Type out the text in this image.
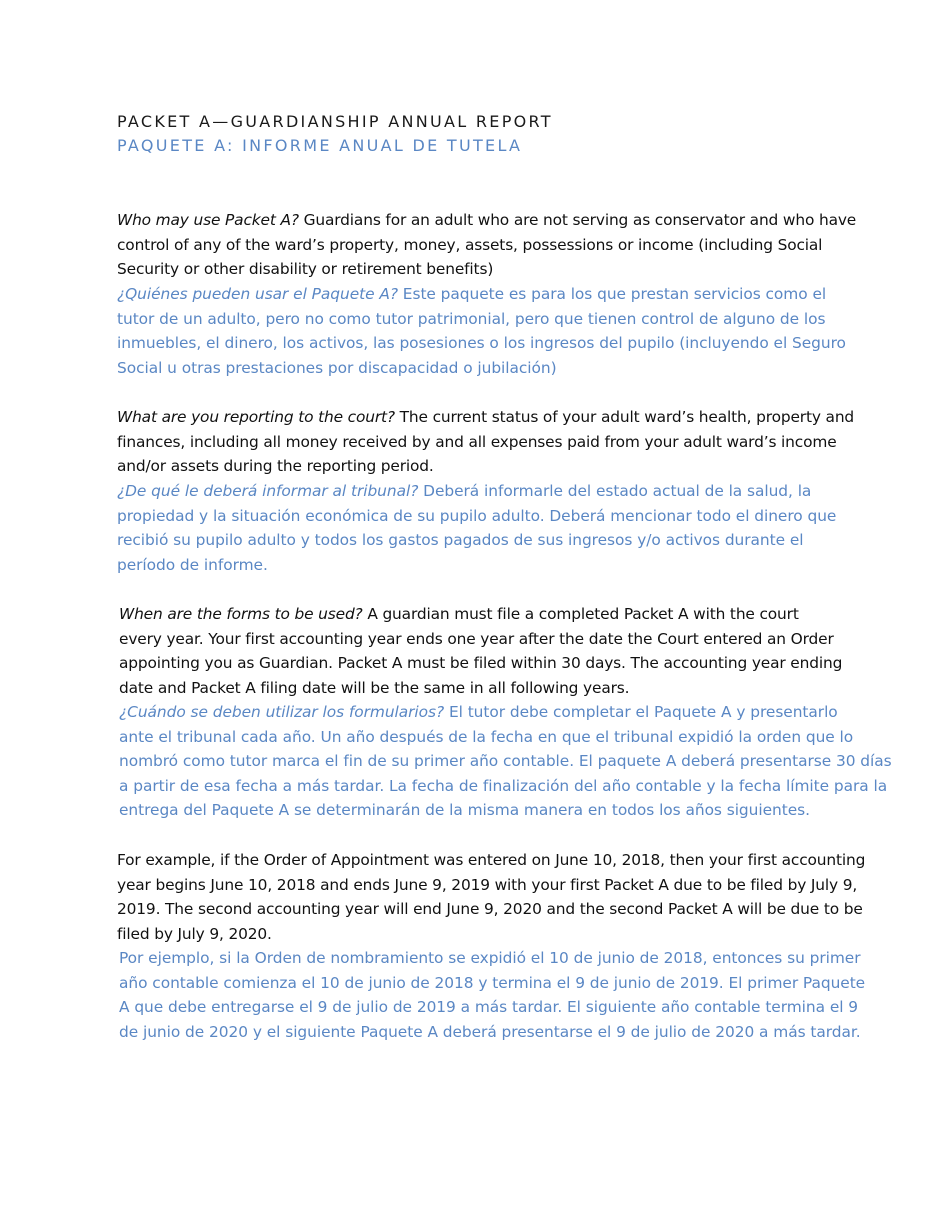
PACKET A—GUARDIANSHIP ANNUAL REPORT
PAQUETE A: INFORME ANUAL DE TUTELA
Who may use Packet A? Guardians for an adult who are not serving as conservator and who have
control of any of the ward’s property, money, assets, possessions or income (including Social
Security or other disability or retirement benefits)
¿Quiénes pueden usar el Paquete A? Este paquete es para los que prestan servicios como el
tutor de un adulto, pero no como tutor patrimonial, pero que tienen control de alguno de los
inmuebles, el dinero, los activos, las posesiones o los ingresos del pupilo (incluyendo el Seguro
Social u otras prestaciones por discapacidad o jubilación)
What are you reporting to the court? The current status of your adult ward’s health, property and
finances, including all money received by and all expenses paid from your adult ward’s income
and/or assets during the reporting period.
¿De qué le deberá informar al tribunal? Deberá informarle del estado actual de la salud, la
propiedad y la situación económica de su pupilo adulto. Deberá mencionar todo el dinero que
recibió su pupilo adulto y todos los gastos pagados de sus ingresos y/o activos durante el
período de informe.
When are the forms to be used? A guardian must file a completed Packet A with the court
every year. Your first accounting year ends one year after the date the Court entered an Order
appointing you as Guardian. Packet A must be filed within 30 days. The accounting year ending
date and Packet A filing date will be the same in all following years.
¿Cuándo se deben utilizar los formularios? El tutor debe completar el Paquete A y presentarlo
ante el tribunal cada año. Un año después de la fecha en que el tribunal expidió la orden que lo
nombró como tutor marca el fin de su primer año contable. El paquete A deberá presentarse 30 días
a partir de esa fecha a más tardar. La fecha de finalización del año contable y la fecha límite para la
entrega del Paquete A se determinarán de la misma manera en todos los años siguientes.
For example, if the Order of Appointment was entered on June 10, 2018, then your first accounting
year begins June 10, 2018 and ends June 9, 2019 with your first Packet A due to be filed by July 9,
2019. The second accounting year will end June 9, 2020 and the second Packet A will be due to be
filed by July 9, 2020.
Por ejemplo, si la Orden de nombramiento se expidió el 10 de junio de 2018, entonces su primer
año contable comienza el 10 de junio de 2018 y termina el 9 de junio de 2019. El primer Paquete
A que debe entregarse el 9 de julio de 2019 a más tardar. El siguiente año contable termina el 9
de junio de 2020 y el siguiente Paquete A deberá presentarse el 9 de julio de 2020 a más tardar.
